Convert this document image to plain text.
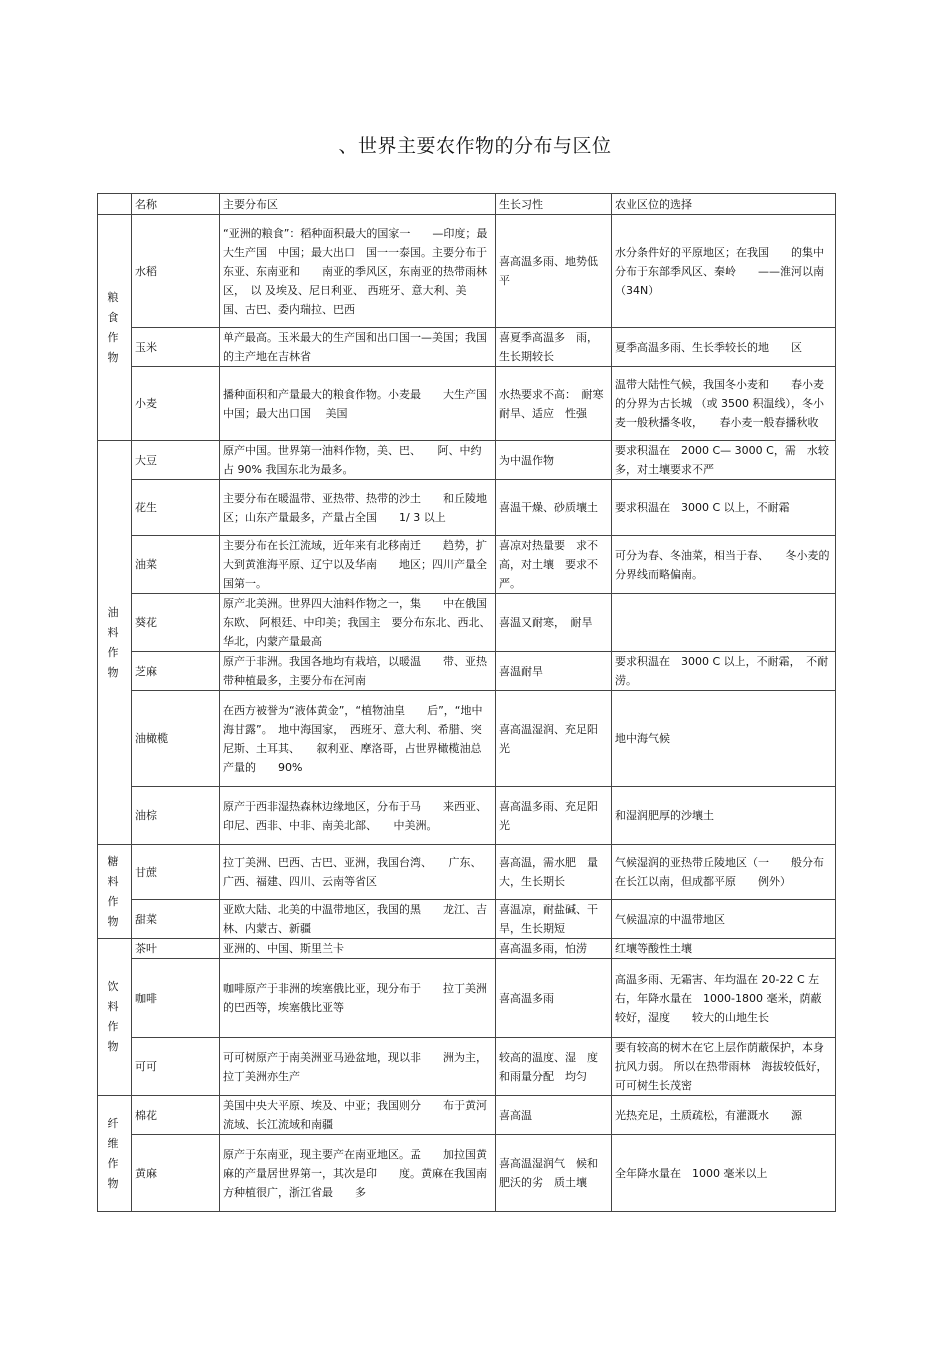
、世界主要农作物的分布与区位
	名称	主要分布区	生长习性	农业区位的选择
粮 食 作 物	水稻	“亚洲的粮食”：稻种面积最大的国家一　　—印度；最大生产国　中国；最大出口　国一一泰国。主要分布于东亚、东南亚和　　南亚的季风区，东南亚的热带雨林区，　以 及埃及、尼日利亚、 西班牙、意大利、美　国、古巴、委内瑞拉、巴西	喜高温多雨、地势低平	水分条件好的平原地区；在我国　　的集中分布于东部季风区、秦岭　　——淮河以南（34N）
	玉米	单产最高。玉米最大的生产国和出口国一—美国；我国的主产地在吉林省	喜夏季高温多　雨，生长期较长	夏季高温多雨、生长季较长的地　　区
	小麦	播种面积和产量最大的粮食作物。小麦最　　大生产国 中国；最大出口国　 美国	水热要求不高：　耐寒耐旱、适应　性强	温带大陆性气候，我国冬小麦和　　春小麦的分界为古长城 （或 3500 积温线），冬小麦一般秋播冬收，　　春小麦一般春播秋收
油 料 作 物	大豆	原产中国。世界第一油料作物，美、巴、　　阿、中约占 90% 我国东北为最多。	为中温作物	要求积温在　2000 C— 3000 C，需　水较多，对土壤要求不严
	花生	主要分布在暖温带、亚热带、热带的沙土　　和丘陵地区；山东产量最多，产量占全国　　1/ 3 以上	喜温干燥、砂质壤土	要求积温在　3000 C 以上，不耐霜
	油菜	主要分布在长江流域，近年来有北移南迁　　趋势，扩大到黄淮海平原、辽宁以及华南　　地区；四川产量全国第一。	喜凉对热量要　求不高，对土壤　要求不严。	可分为春、冬油菜，相当于春、　　冬小麦的分界线而略偏南。
	葵花	原产北美洲。世界四大油料作物之一，集　　中在俄国东欧、 阿根廷、中印美；我国主　要分布东北、西北、华北，内蒙产量最高	喜温又耐寒，　耐旱	
	芝麻	原产于非洲。我国各地均有栽培，以暖温　　带、亚热带种植最多，主要分布在河南	喜温耐旱	要求积温在　3000 C 以上，不耐霜，　不耐涝。
	油橄榄	在西方被誉为“液体黄金”，“植物油皇　　后”，“地中海甘露”。　地中海国家，　西班牙、意大利、希腊、突尼斯、土耳其、　　叙利亚、摩洛哥，占世界橄榄油总产量的　　90%	喜高温湿润、充足阳光	地中海气候
	油棕	原产于西非湿热森林边缘地区，分布于马　　来西亚、印尼、西非、中非、南美北部、　　中美洲。	喜高温多雨、充足阳光	和湿润肥厚的沙壤土
糖 料 作 物	甘蔗	拉丁美洲、巴西、古巴、亚洲，我国台湾、　　广东、广西、福建、四川、云南等省区	喜高温，需水肥　量大，生长期长	气候湿润的亚热带丘陵地区（一　　般分布在长江以南，但成都平原　　例外）
	甜菜	亚欧大陆、北美的中温带地区，我国的黑　　龙江、吉林、内蒙古、新疆	喜温凉，耐盐碱、干旱，生长期短	气候温凉的中温带地区
饮 料 作 物	茶叶	亚洲的、中国、斯里兰卡	喜高温多雨，怕涝	红壤等酸性土壤
	咖啡	咖啡原产于非洲的埃塞俄比亚，现分布于　　拉丁美洲的巴西等，埃塞俄比亚等	喜高温多雨	高温多雨、无霜害、年均温在 20-22 C 左右，年降水量在　1000-1800 毫米，荫蔽较好，湿度　　较大的山地生长
	可可	可可树原产于南美洲亚马逊盆地，现以非　　洲为主，拉丁美洲亦生产	较高的温度、湿　度和雨量分配　均匀	要有较高的树木在它上层作荫蔽保护，本身抗风力弱。 所以在热带雨林　海拔较低好，可可树生长茂密
纤 维 作 物	棉花	美国中央大平原、埃及、中亚；我国则分　　布于黄河流域、长江流域和南疆	喜高温	光热充足，土质疏松，有灌溉水　　源
	黄麻	原产于东南亚，现主要产在南亚地区。孟　　加拉国黄麻的产量居世界第一，其次是印　　度。黄麻在我国南方种植很广，浙江省最　　多	喜高温湿润气　候和肥沃的劣　质土壤	全年降水量在　1000 毫米以上
